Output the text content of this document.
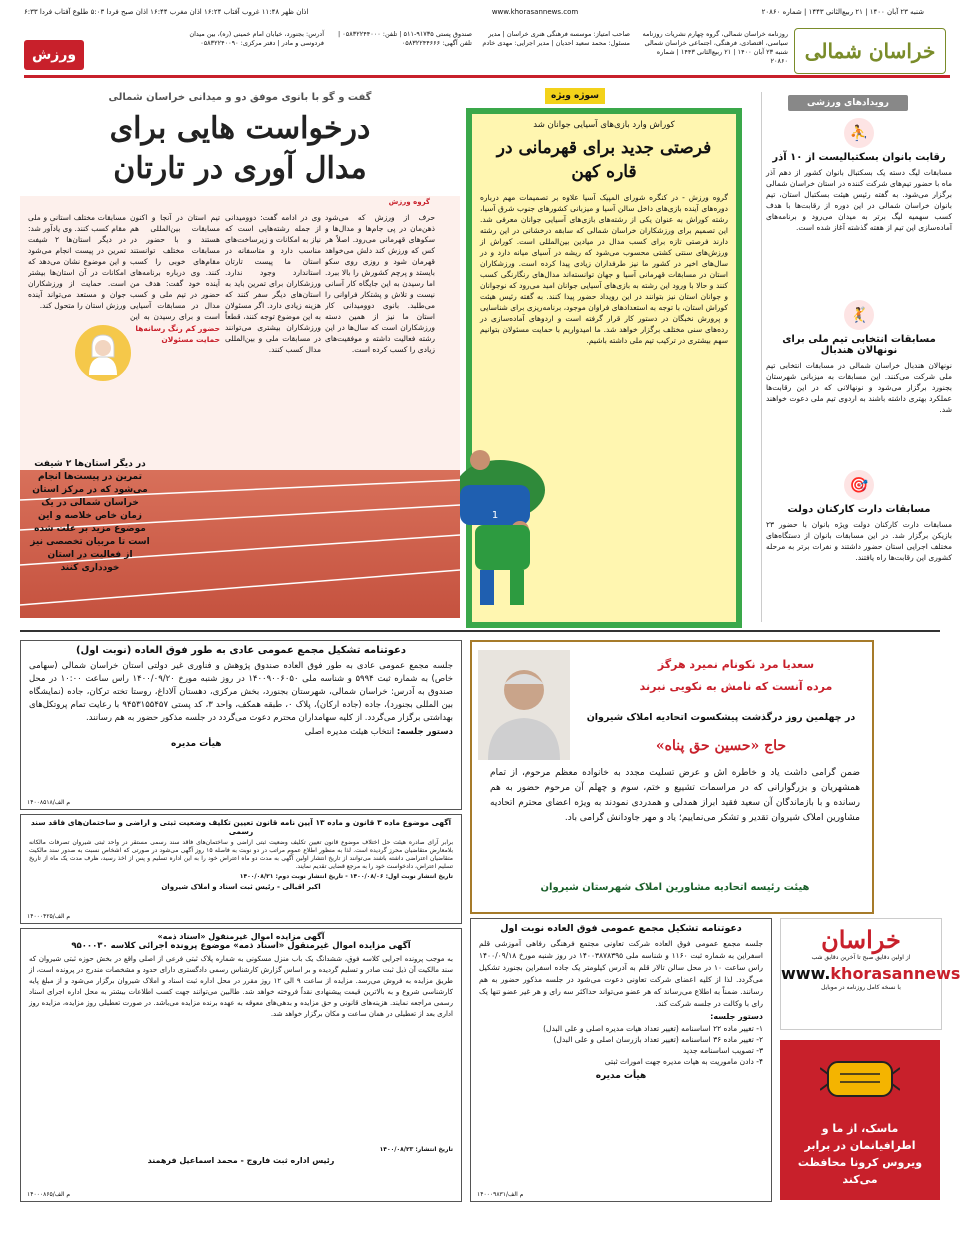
شنبه ۲۳ آبان ۱۴۰۰ | ۲۱ ربیع‌الثانی ۱۴۴۳ | شماره ۲۰۸۶۰
www.khorasannews.com
اذان ظهر ۱۱:۴۸ غروب آفتاب ۱۶:۲۴ اذان مغرب ۱۶:۴۴ اذان صبح فردا ۵:۰۳ طلوع آفتاب فردا ۶:۳۳
خراسان شمالی
روزنامه خراسان شمالی، گروه چهارم نشریات روزنامه سیاسی، اقتصادی، فرهنگی، اجتماعی خراسان شمالی
شنبه ۲۳ آبان ۱۴۰۰ | ۲۱ ربیع‌الثانی ۱۴۴۳ | شماره ۲۰۸۶۰
صاحب امتیاز: موسسه فرهنگی هنری خراسان | مدیر مسئول: محمد سعید احدیان | مدیر اجرایی: مهدی خادم
صندوق پستی ۹۱۷۳۵-۵۱۱ | تلفن: ۰۵۸۳۲۲۴۴۰۰۰ | تلفن آگهی: ۰۵۸۳۲۲۴۴۶۶۶
آدرس: بجنورد، خیابان امام خمینی (ره)، بین میدان فردوسی و مادر | دفتر مرکزی: ۰۵۸۳۲۲۴۰۰۹۰
ورزش
رویدادهای ورزشی
⛹
رقابت بانوان بسکتبالیست از ۱۰ آذر
مسابقات لیگ دسته یک بسکتبال بانوان کشور از دهم آذر ماه با حضور تیم‌های شرکت کننده در استان خراسان شمالی برگزار می‌شود. به گفته رئیس هیئت بسکتبال استان، تیم بانوان خراسان شمالی در این دوره از رقابت‌ها با هدف کسب سهمیه لیگ برتر به میدان می‌رود و برنامه‌های آماده‌سازی این تیم از هفته گذشته آغاز شده است.
🤾
مسابقات انتخابی تیم ملی برای نونهالان هندبال
نونهالان هندبال خراسان شمالی در مسابقات انتخابی تیم ملی شرکت می‌کنند. این مسابقات به میزبانی شهرستان بجنورد برگزار می‌شود و نونهالانی که در این رقابت‌ها عملکرد بهتری داشته باشند به اردوی تیم ملی دعوت خواهند شد.
🎯
مسابقات دارت کارکنان دولت
مسابقات دارت کارکنان دولت ویژه بانوان با حضور ۲۳ بازیکن برگزار شد. در این مسابقات بانوان از دستگاه‌های مختلف اجرایی استان حضور داشتند و نفرات برتر به مرحله کشوری این رقابت‌ها راه یافتند.
سوژه ویژه
کوراش وارد بازی‌های آسیایی جوانان شد
فرصتی جدید برای قهرمانی در قاره کهن
گروه ورزش - در کنگره شورای المپیک آسیا علاوه بر تصمیمات مهم درباره دوره‌های آینده بازی‌های داخل سالن آسیا و میزبانی کشورهای جنوب شرق آسیا، رشته کوراش به عنوان یکی از رشته‌های بازی‌های آسیایی جوانان معرفی شد. این تصمیم برای ورزشکاران خراسان شمالی که سابقه درخشانی در این رشته دارند فرصتی تازه برای کسب مدال در میادین بین‌المللی است. کوراش از ورزش‌های سنتی کشتی محسوب می‌شود که ریشه در آسیای میانه دارد و در سال‌های اخیر در کشور ما نیز طرفداران زیادی پیدا کرده است. ورزشکاران استان در مسابقات قهرمانی آسیا و جهان توانسته‌اند مدال‌های رنگارنگی کسب کنند و حالا با ورود این رشته به بازی‌های آسیایی جوانان امید می‌رود که نوجوانان و جوانان استان نیز بتوانند در این رویداد حضور پیدا کنند. به گفته رئیس هیئت کوراش استان، با توجه به استعدادهای فراوان موجود، برنامه‌ریزی برای شناسایی و پرورش نخبگان در دستور کار قرار گرفته است و اردوهای آماده‌سازی در رده‌های سنی مختلف برگزار خواهد شد. ما امیدواریم با حمایت مسئولان بتوانیم سهم بیشتری در ترکیب تیم ملی داشته باشیم.
1
گفت و گو با بانوی موفق دو و میدانی خراسان شمالی
درخواست هایی برای
مدال آوری در تارتان
گروه ورزش
حرف از ورزش که می‌شود ذهن‌مان در پی جام‌ها و مدال‌ها و سکوهای قهرمانی می‌رود. اصلاً هر کس که ورزش کند دلش می‌خواهد قهرمان شود و روزی روی سکو بایستد و پرچم کشورش را بالا ببرد. اما رسیدن به این جایگاه کار آسانی نیست و تلاش و پشتکار فراوانی را می‌طلبد. بانوی دوومیدانی کار استان ما نیز از همین دسته ورزشکاران است که سال‌ها در این رشته فعالیت داشته و موفقیت‌های زیادی را کسب کرده است.
وی در ادامه گفت: دوومیدانی از جمله رشته‌هایی است که نیاز به امکانات و زیرساخت‌های مناسب دارد و متاسفانه در استان ما پیست تارتان استاندارد وجود ندارد. ورزشکاران برای تمرین باید به استان‌های دیگر سفر کنند که هزینه زیادی دارد. اگر مسئولان به این موضوع توجه کنند، قطعاً ورزشکاران بیشتری می‌توانند در مسابقات ملی و بین‌المللی مدال کسب کنند.
تیم استان در آنجا و اکنون مسابقات بین‌المللی هم هستند و با حضور در مسابقات مختلف توانستند مقام‌های خوبی را کسب کنند. وی درباره برنامه‌های آینده خود گفت: هدف من حضور در تیم ملی و کسب مدال در مسابقات آسیایی است و برای رسیدن به این
حضور کم رنگ رسانه‌ها
حمایت مسئولان
مسابقات مختلف استانی و ملی مقام کسب کنند. وی یادآور شد: در دیگر استان‌ها ۲ شیفت تمرین در پیست انجام می‌شود و این موضوع نشان می‌دهد که امکانات در آن استان‌ها بیشتر است. حمایت از ورزشکاران جوان و مستعد می‌تواند آینده ورزش استان را متحول کند.
در دیگر استان‌ها ۲ شیفت تمرین در پیست‌ها انجام می‌شود که در مرکز استان خراسان شمالی در یک زمان خاص خلاصه و این موضوع مزید بر علت شده است تا مربیان تخصصی نیز از فعالیت در استان خودداری کنند
دعوتنامه تشکیل مجمع عمومی عادی به طور فوق العاده (نوبت اول)
جلسه مجمع عمومی عادی به طور فوق العاده صندوق پژوهش و فناوری غیر دولتی استان خراسان شمالی (سهامی خاص) به شماره ثبت ۵۹۹۴ و شناسه ملی ۱۴۰۰۹۰۰۶۰۵۰ در روز شنبه مورخ ۱۴۰۰/۰۹/۲۰ راس ساعت ۱۰:۰۰ در محل صندوق به آدرس: خراسان شمالی، شهرستان بجنورد، بخش مرکزی، دهستان آلاداغ، روستا تخته ترکان، جاده (نمایشگاه بین المللی بجنورد)، جاده (جاده ارکان)، پلاک ۰، طبقه همکف، واحد ۳، کد پستی ۹۴۵۳۱۵۵۴۵۷ با رعایت تمام پروتکل‌های بهداشتی برگزار می‌گردد. از کلیه سهامداران محترم دعوت می‌گردد در جلسه مذکور حضور به هم رسانند.
دستور جلسه: انتخاب هیئت مدیره اصلی
هیأت مدیره
م الف/۱۴۰۰۸۵۱۸
آگهی موضوع ماده ۳ قانون و ماده ۱۳ آیین نامه قانون تعیین تکلیف وضعیت ثبتی و اراضی و ساختمان‌های فاقد سند رسمی
برابر آرای صادره هیئت حل اختلاف موضوع قانون تعیین تکلیف وضعیت ثبتی اراضی و ساختمان‌های فاقد سند رسمی مستقر در واحد ثبتی شیروان تصرفات مالکانه بلامعارض متقاضیان محرز گردیده است. لذا به منظور اطلاع عموم مراتب در دو نوبت به فاصله ۱۵ روز آگهی می‌شود در صورتی که اشخاص نسبت به صدور سند مالکیت متقاضیان اعتراضی داشته باشند می‌توانند از تاریخ انتشار اولین آگهی به مدت دو ماه اعتراض خود را به این اداره تسلیم و پس از اخذ رسید، ظرف مدت یک ماه از تاریخ تسلیم اعتراض، دادخواست خود را به مرجع قضایی تقدیم نمایند.
تاریخ انتشار نوبت اول: ۱۴۰۰/۰۸/۰۶ - تاریخ انتشار نوبت دوم: ۱۴۰۰/۰۸/۲۱
اکبر اقبالی - رئیس ثبت اسناد و املاک شیروان
م الف/۱۴۰۰۰۴۲۵
آگهی مزایده اموال غیرمنقول «اسناد ذمه»
آگهی مزایده اموال غیرمنقول «اسناد ذمه» موضوع پرونده اجرائی کلاسه ۹۵۰۰۰۳۰
به موجب پرونده اجرایی کلاسه فوق، ششدانگ یک باب منزل مسکونی به شماره پلاک ثبتی فرعی از اصلی واقع در بخش حوزه ثبتی شیروان که سند مالکیت آن ذیل ثبت صادر و تسلیم گردیده و بر اساس گزارش کارشناس رسمی دادگستری دارای حدود و مشخصات مندرج در پرونده است، از طریق مزایده به فروش می‌رسد. مزایده از ساعت ۹ الی ۱۲ روز مقرر در محل اداره ثبت اسناد و املاک شیروان برگزار می‌شود و از مبلغ پایه کارشناسی شروع و به بالاترین قیمت پیشنهادی نقداً فروخته خواهد شد. طالبین می‌توانند جهت کسب اطلاعات بیشتر به محل اداره اجرای اسناد رسمی مراجعه نمایند. هزینه‌های قانونی و حق مزایده و بدهی‌های معوقه به عهده برنده مزایده می‌باشد. در صورت تعطیلی روز مزایده، مزایده روز اداری بعد از تعطیلی در همان ساعت و مکان برگزار خواهد شد.
تاریخ انتشار: ۱۴۰۰/۰۸/۲۳
رئیس اداره ثبت فاروج - محمد اسماعیل فرهمند
م الف/۱۴۰۰۰۸۶۵
سعدیا مرد نکونام نمیرد هرگز
مرده آنست که نامش به نکویی نبرند
در چهلمین روز درگذشت پیشکسوت اتحادیه املاک شیروان
حاج «حسین حق پناه»
ضمن گرامی داشت یاد و خاطره اش و عرض تسلیت مجدد به خانواده معظم مرحوم، از تمام همشهریان و بزرگوارانی که در مراسمات تشییع و ختم، سوم و چهلم آن مرحوم حضور به هم رسانده و با بازماندگان آن سعید فقید ابراز همدلی و همدردی نمودند به ویژه اعضای محترم اتحادیه مشاورین املاک شیروان تقدیر و تشکر می‌نماییم؛ یاد و مهر جاودانش گرامی باد.
هیئت رئیسه اتحادیه مشاورین املاک شهرستان شیروان
دعوتنامه تشکیل مجمع عمومی فوق العاده نوبت اول
جلسه مجمع عمومی فوق العاده شرکت تعاونی مجتمع فرهنگی رفاهی آموزشی قلم اسفراین به شماره ثبت ۱۱۶۰ و شناسه ملی ۱۴۰۰۳۸۷۸۳۹۵ در روز شنبه مورخ ۱۴۰۰/۰۹/۱۸ راس ساعت ۱۰ در محل سالن تالار قلم به آدرس کیلومتر یک جاده اسفراین بجنورد تشکیل می‌گردد. لذا از کلیه اعضای شرکت تعاونی دعوت می‌شود در جلسه مذکور حضور به هم رسانند. ضمناً به اطلاع می‌رساند که هر عضو می‌تواند حداکثر سه رای و هر غیر عضو تنها یک رای با وکالت در جلسه شرکت کند.
دستور جلسه:
۱- تغییر ماده ۲۲ اساسنامه (تغییر تعداد هیات مدیره اصلی و علی البدل)
۲- تغییر ماده ۳۶ اساسنامه (تغییر تعداد بازرسان اصلی و علی البدل)
۳- تصویب اساسنامه جدید
۴- دادن ماموریت به هیات مدیره جهت امورات ثبتی
هیأت مدیره
م الف/۱۴۰۰۰۹۸۳۱
خراسان
از اولین دقایق صبح تا آخرین دقایق شب
www.khorasannews
با نسخه کامل روزنامه در موبایل
ماسک، از ما و اطرافیانمان در برابر ویروس کرونا محافظت می‌کند
